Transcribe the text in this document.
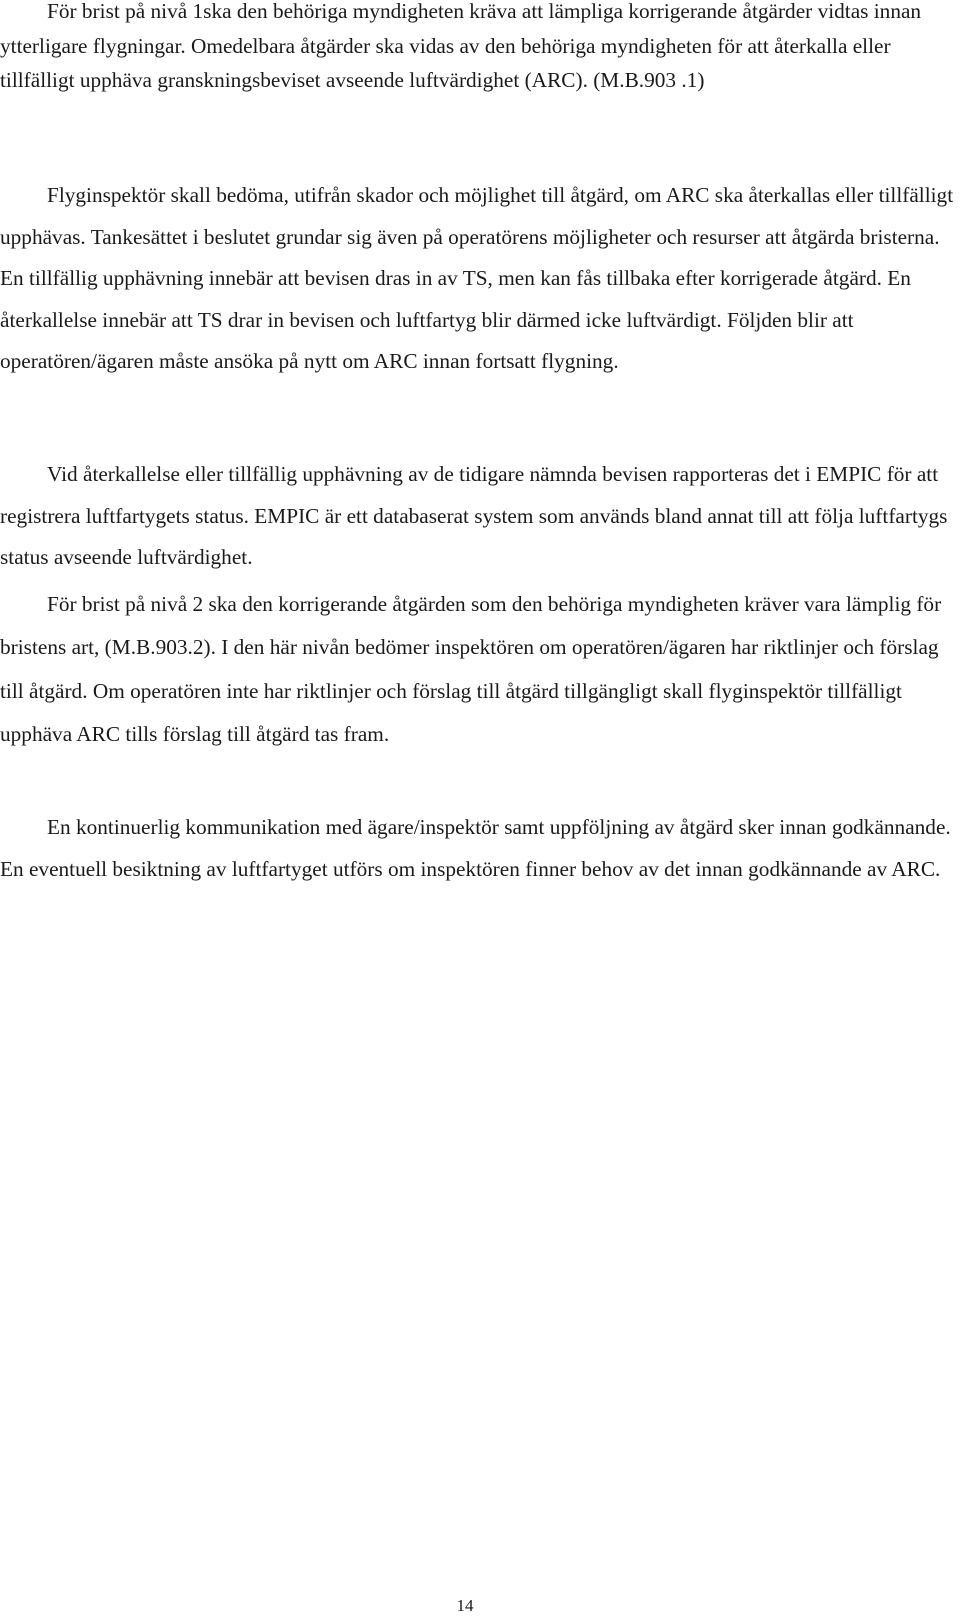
För brist på nivå 1ska den behöriga myndigheten kräva att lämpliga korrigerande åtgärder vidtas innan ytterligare flygningar. Omedelbara åtgärder ska vidas av den behöriga myndigheten för att återkalla eller tillfälligt upphäva granskningsbeviset avseende luftvärdighet (ARC). (M.B.903 .1)

Flyginspektör skall bedöma, utifrån skador och möjlighet till åtgärd, om ARC ska återkallas eller tillfälligt upphävas. Tankesättet i beslutet grundar sig även på operatörens möjligheter och resurser att åtgärda bristerna. En tillfällig upphävning innebär att bevisen dras in av TS, men kan fås tillbaka efter korrigerade åtgärd. En återkallelse innebär att TS drar in bevisen och luftfartyg blir därmed icke luftvärdigt. Följden blir att operatören/ägaren måste ansöka på nytt om ARC innan fortsatt flygning.

Vid återkallelse eller tillfällig upphävning av de tidigare nämnda bevisen rapporteras det i EMPIC för att registrera luftfartygets status. EMPIC är ett databaserat system som används bland annat till att följa luftfartygs status avseende luftvärdighet.

För brist på nivå 2 ska den korrigerande åtgärden som den behöriga myndigheten kräver vara lämplig för bristens art, (M.B.903.2). I den här nivån bedömer inspektören om operatören/ägaren har riktlinjer och förslag till åtgärd. Om operatören inte har riktlinjer och förslag till åtgärd tillgängligt skall flyginspektör tillfälligt upphäva ARC tills förslag till åtgärd tas fram.

En kontinuerlig kommunikation med ägare/inspektör samt uppföljning av åtgärd sker innan godkännande. En eventuell besiktning av luftfartyget utförs om inspektören finner behov av det innan godkännande av ARC.

14
